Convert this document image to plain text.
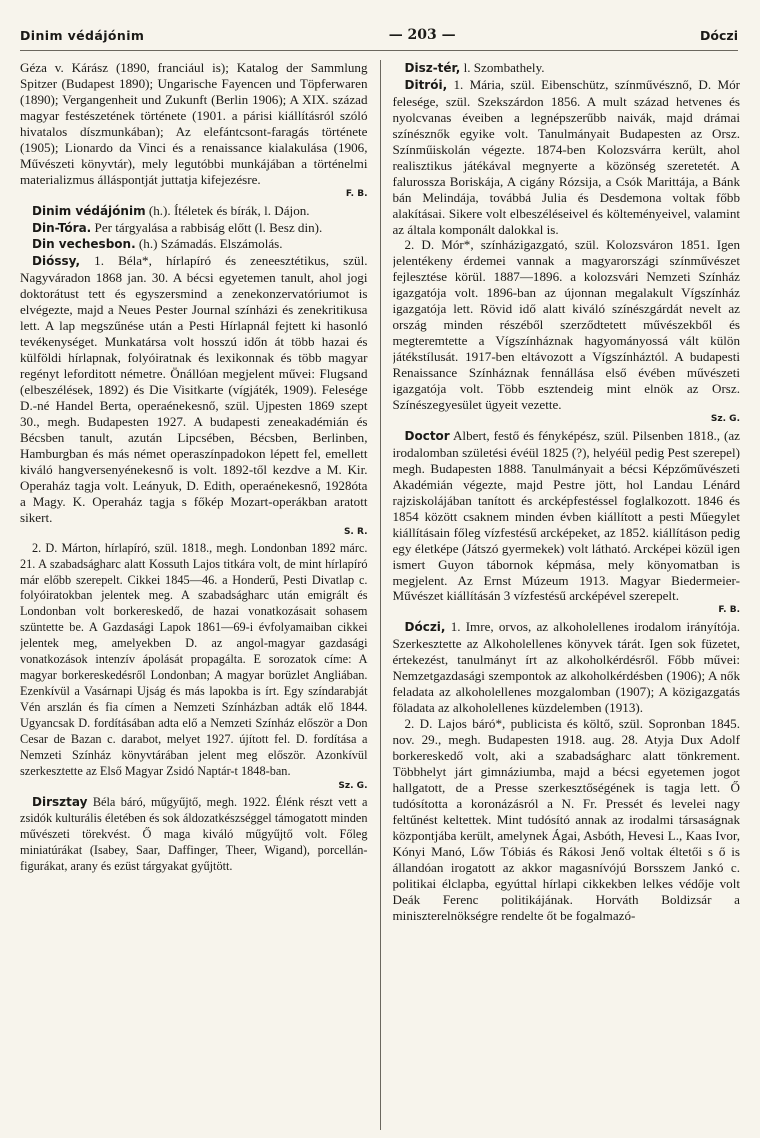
Dinim védájónim	— 203 —	Dóczi

Géza v. Kárász (1890, franciául is); Katalog der Sammlung Spitzer (Budapest 1890); Ungarische Fayencen und Töpferwaren (1890); Vergangenheit und Zukunft (Berlin 1906); A XIX. század magyar festészetének története (1901. a párisi kiállításról szóló hivatalos díszmunkában); Az elefántcsont-faragás története (1905); Lionardo da Vinci és a renaissance kialakulása (1906, Művészeti könyvtár), mely legutóbbi munkájában a történelmi materializmus álláspontját juttatja kifejezésre.
F. B.

Dinim védájónim (h.). Ítéletek és bírák, l. Dájon.

Din-Tóra. Per tárgyalása a rabbiság előtt (l. Besz din).

Din vechesbon. (h.) Számadás. Elszámolás.

Dióssy, 1. Béla*, hírlapíró és zeneesztétikus, szül. Nagyváradon 1868 jan. 30. A bécsi egyetemen tanult, ahol jogi doktorátust tett és egyszersmind a zenekonzervatóriumot is elvégezte, majd a Neues Pester Journal színházi és zenekritikusa lett. A lap megszűnése után a Pesti Hírlapnál fejtett ki hasonló tevékenységet. Munkatársa volt hosszú időn át több hazai és külföldi hírlapnak, folyóiratnak és lexikonnak és több magyar regényt leforditott németre. Önállóan megjelent művei: Flugsand (elbeszélések, 1892) és Die Visitkarte (vígjáték, 1909). Felesége D.-né Handel Berta, operaénekesnő, szül. Ujpesten 1869 szept 30., megh. Budapesten 1927. A budapesti zeneakadémián és Bécsben tanult, azután Lipcsében, Bécsben, Berlinben, Hamburgban és más német operaszínpadokon lépett fel, emellett kiváló hangversenyénekesnő is volt. 1892-től kezdve a M. Kir. Operaház tagja volt. Leányuk, D. Edith, operaénekesnő, 1928óta a Magy. K. Operaház tagja s főkép Mozart-operákban aratott sikert.
S. R.

2. D. Márton, hírlapíró, szül. 1818., megh. Londonban 1892 márc. 21. A szabadságharc alatt Kossuth Lajos titkára volt, de mint hírlapíró már előbb szerepelt. Cikkei 1845—46. a Honderű, Pesti Divatlap c. folyóiratokban jelentek meg. A szabadságharc után emigrált és Londonban volt borkereskedő, de hazai vonatkozásait sohasem szüntette be. A Gazdasági Lapok 1861—69-i évfolyamaiban cikkei jelentek meg, amelyekben D. az angol-magyar gazdasági vonatkozások intenzív ápolását propagálta. E sorozatok címe: A magyar borkereskedésről Londonban; A magyar borüzlet Angliában. Ezenkívül a Vasárnapi Ujság és más lapokba is írt. Egy színdarabját Vén arszlán és fia címen a Nemzeti Színházban adták elő 1844. Ugyancsak D. fordításában adta elő a Nemzeti Színház először a Don Cesar de Bazan c. darabot, melyet 1927. újított fel. D. fordítása a Nemzeti Színház könyvtárában jelent meg először. Azonkívül szerkesztette az Első Magyar Zsidó Naptár-t 1848-ban.
Sz. G.

Dirsztay Béla báró, műgyűjtő, megh. 1922. Élénk részt vett a zsidók kulturális életében és sok áldozatkészséggel támogatott minden művészeti törekvést. Ő maga kiváló műgyűjtő volt. Főleg miniatúrákat (Isabey, Saar, Daffinger, Theer, Wigand), porcellán-figurákat, arany és ezüst tárgyakat gyűjtött.

Disz-tér, l. Szombathely.

Ditrói, 1. Mária, szül. Eibenschütz, színművésznő, D. Mór felesége, szül. Szekszárdon 1856. A mult század hetvenes és nyolcvanas éveiben a legnépszerűbb naivák, majd drámai színésznők egyike volt. Tanulmányait Budapesten az Orsz. Színműiskolán végezte. 1874-ben Kolozsvárra került, ahol realisztikus játékával megnyerte a közönség szeretetét. A falurossza Boriskája, A cigány Rózsija, a Csók Marittája, a Bánk bán Melindája, továbbá Julia és Desdemona voltak főbb alakításai. Sikere volt elbeszéléseivel és költeményeivel, valamint az általa komponált dalokkal is.

2. D. Mór*, színházigazgató, szül. Kolozsváron 1851. Igen jelentékeny érdemei vannak a magyarországi színművészet fejlesztése körül. 1887—1896. a kolozsvári Nemzeti Színház igazgatója volt. 1896-ban az újonnan megalakult Vígszínház igazgatója lett. Rövid idő alatt kiváló színészgárdát nevelt az ország minden részéből szerződtetett művészekből és megteremtette a Vígszínháznak hagyományossá vált külön játékstílusát. 1917-ben eltávozott a Vígszínháztól. A budapesti Renaissance Színháznak fennállása első évében művészeti igazgatója volt. Több esztendeig mint elnök az Orsz. Színészegyesület ügyeit vezette.
Sz. G.

Doctor Albert, festő és fényképész, szül. Pilsenben 1818., (az irodalomban születési évéül 1825 (?), helyéül pedig Pest szerepel) megh. Budapesten 1888. Tanulmányait a bécsi Képzőművészeti Akadémián végezte, majd Pestre jött, hol Landau Lénárd rajziskolájában tanított és arcképfestéssel foglalkozott. 1846 és 1854 között csaknem minden évben kiállított a pesti Műegylet kiállításain főleg vízfestésű arcképeket, az 1852. kiállításon pedig egy életképe (Játszó gyermekek) volt látható. Arcképei közül igen ismert Guyon tábornok képmása, mely könyomatban is megjelent. Az Ernst Múzeum 1913. Magyar Biedermeier-Művészet kiállításán 3 vízfestésű arcképével szerepelt.
F. B.

Dóczi, 1. Imre, orvos, az alkoholellenes irodalom irányítója. Szerkesztette az Alkoholellenes könyvek tárát. Igen sok füzetet, értekezést, tanulmányt írt az alkoholkérdésről. Főbb művei: Nemzetgazdasági szempontok az alkoholkérdésben (1906); A nők feladata az alkoholellenes mozgalomban (1907); A közigazgatás föladata az alkoholellenes küzdelemben (1913).

2. D. Lajos báró*, publicista és költő, szül. Sopronban 1845. nov. 29., megh. Budapesten 1918. aug. 28. Atyja Dux Adolf borkereskedő volt, aki a szabadságharc alatt tönkrement. Többhelyt járt gimnáziumba, majd a bécsi egyetemen jogot hallgatott, de a Presse szerkesztőségének is tagja lett. Ő tudósította a koronázásról a N. Fr. Pressét és levelei nagy feltűnést keltettek. Mint tudósító annak az irodalmi társaságnak központjába került, amelynek Ágai, Asbóth, Hevesi L., Kaas Ivor, Kónyi Manó, Lőw Tóbiás és Rákosi Jenő voltak éltetői s ő is állandóan irogatott az akkor magasnívójú Borsszem Jankó c. politikai élclapba, egyúttal hírlapi cikkekben lelkes védője volt Deák Ferenc politikájának. Horváth Boldizsár a miniszterelnökségre rendelte őt be fogalmazó-
